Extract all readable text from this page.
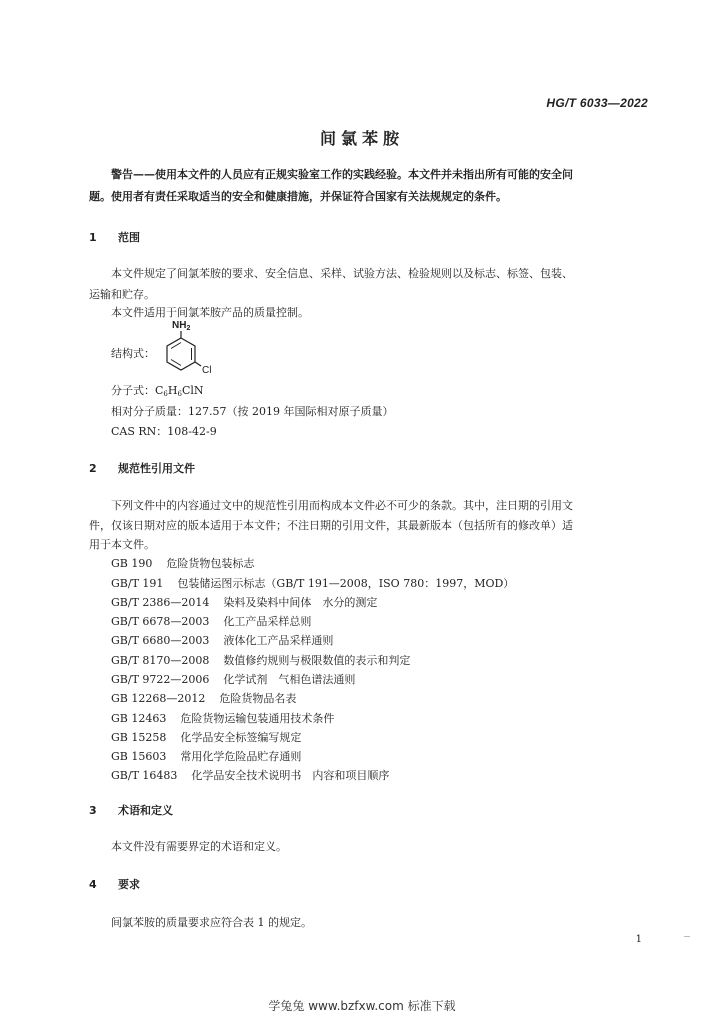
HG/T 6033—2022
间氯苯胺
警告——使用本文件的人员应有正规实验室工作的实践经验。本文件并未指出所有可能的安全问
题。使用者有责任采取适当的安全和健康措施，并保证符合国家有关法规规定的条件。
1 范围
本文件规定了间氯苯胺的要求、安全信息、采样、试验方法、检验规则以及标志、标签、包装、
运输和贮存。
本文件适用于间氯苯胺产品的质量控制。
结构式：
$NH_2$
Cl
分子式：$C_6H_6ClN$
相对分子质量：127.57（按 2019 年国际相对原子质量）
CAS RN：108-42-9
2 规范性引用文件
下列文件中的内容通过文中的规范性引用而构成本文件必不可少的条款。其中，注日期的引用文
件，仅该日期对应的版本适用于本文件；不注日期的引用文件，其最新版本（包括所有的修改单）适
用于本文件。
GB 190 危险货物包装标志
GB/T 191 包装储运图示标志（GB/T 191—2008，ISO 780：1997，MOD）
GB/T 2386—2014 染料及染料中间体　水分的测定
GB/T 6678—2003 化工产品采样总则
GB/T 6680—2003 液体化工产品采样通则
GB/T 8170—2008 数值修约规则与极限数值的表示和判定
GB/T 9722—2006 化学试剂　气相色谱法通则
GB 12268—2012 危险货物品名表
GB 12463 危险货物运输包装通用技术条件
GB 15258 化学品安全标签编写规定
GB 15603 常用化学危险品贮存通则
GB/T 16483 化学品安全技术说明书　内容和项目顺序
3 术语和定义
本文件没有需要界定的术语和定义。
4 要求
间氯苯胺的质量要求应符合表 1 的规定。
1
学兔兔 www.bzfxw.com 标准下载
